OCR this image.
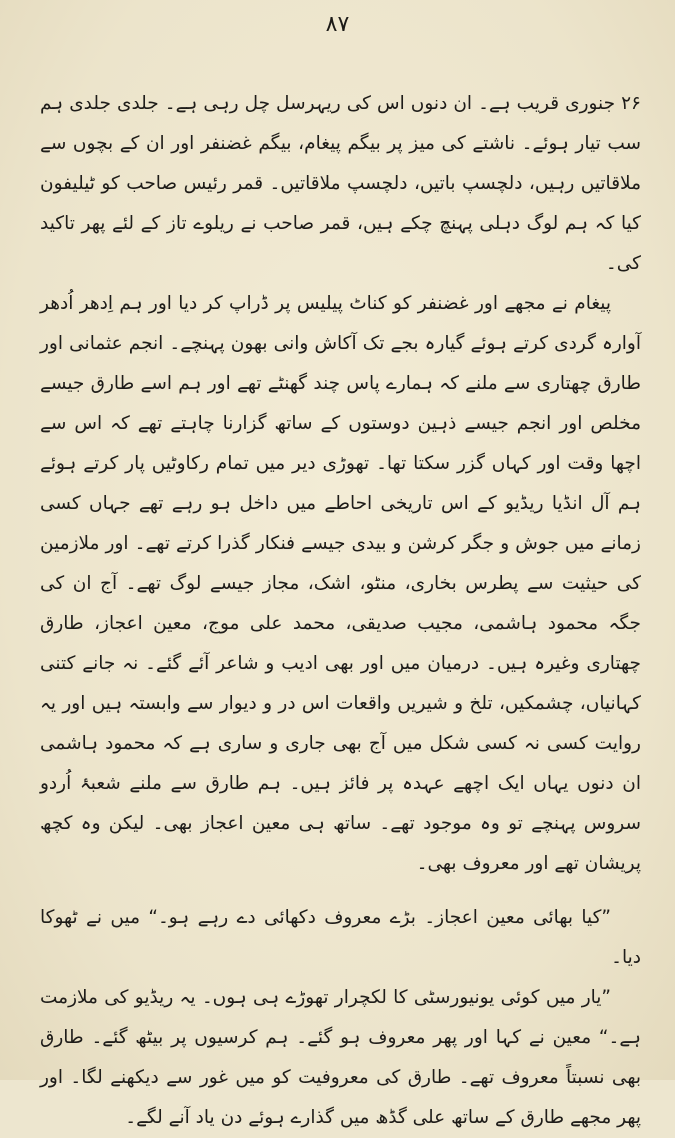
۸۷

۲۶ جنوری قریب ہے۔ ان دنوں اس کی ریہرسل چل رہی ہے۔ جلدی جلدی ہم سب تیار ہوئے۔ ناشتے کی میز پر بیگم پیغام، بیگم غضنفر اور ان کے بچوں سے ملاقاتیں رہیں، دلچسپ باتیں، دلچسپ ملاقاتیں۔ قمر رئیس صاحب کو ٹیلیفون کیا کہ ہم لوگ دہلی پہنچ چکے ہیں، قمر صاحب نے ریلوے تاز کے لئے پھر تاکید کی۔

پیغام نے مجھے اور غضنفر کو کناٹ پیلیس پر ڈراپ کر دیا اور ہم اِدھر اُدھر آوارہ گردی کرتے ہوئے گیارہ بجے تک آکاش وانی بھون پہنچے۔ انجم عثمانی اور طارق چھتاری سے ملنے کہ ہمارے پاس چند گھنٹے تھے اور ہم اسے طارق جیسے مخلص اور انجم جیسے ذہین دوستوں کے ساتھ گزارنا چاہتے تھے کہ اس سے اچھا وقت اور کہاں گزر سکتا تھا۔ تھوڑی دیر میں تمام رکاوٹیں پار کرتے ہوئے ہم آل انڈیا ریڈیو کے اس تاریخی احاطے میں داخل ہو رہے تھے جہاں کسی زمانے میں جوش و جگر کرشن و بیدی جیسے فنکار گذرا کرتے تھے۔ اور ملازمین کی حیثیت سے پطرس بخاری، منٹو، اشک، مجاز جیسے لوگ تھے۔ آج ان کی جگہ محمود ہاشمی، مجیب صدیقی، محمد علی موج، معین اعجاز، طارق چھتاری وغیرہ ہیں۔ درمیان میں اور بھی ادیب و شاعر آئے گئے۔ نہ جانے کتنی کہانیاں، چشمکیں، تلخ و شیریں واقعات اس در و دیوار سے وابستہ ہیں اور یہ روایت کسی نہ کسی شکل میں آج بھی جاری و ساری ہے کہ محمود ہاشمی ان دنوں یہاں ایک اچھے عہدہ پر فائز ہیں۔ ہم طارق سے ملنے شعبۂ اُردو سروس پہنچے تو وہ موجود تھے۔ ساتھ ہی معین اعجاز بھی۔ لیکن وہ کچھ پریشان تھے اور معروف بھی۔

”کیا بھائی معین اعجاز۔ بڑے معروف دکھائی دے رہے ہو۔“ میں نے ٹھوکا دیا۔

”یار میں کوئی یونیورسٹی کا لکچرار تھوڑے ہی ہوں۔ یہ ریڈیو کی ملازمت ہے۔“ معین نے کہا اور پھر معروف ہو گئے۔ ہم کرسیوں پر بیٹھ گئے۔ طارق بھی نسبتاً معروف تھے۔ طارق کی معروفیت کو میں غور سے دیکھنے لگا۔ اور پھر مجھے طارق کے ساتھ علی گڈھ میں گذارے ہوئے دن یاد آنے لگے۔
